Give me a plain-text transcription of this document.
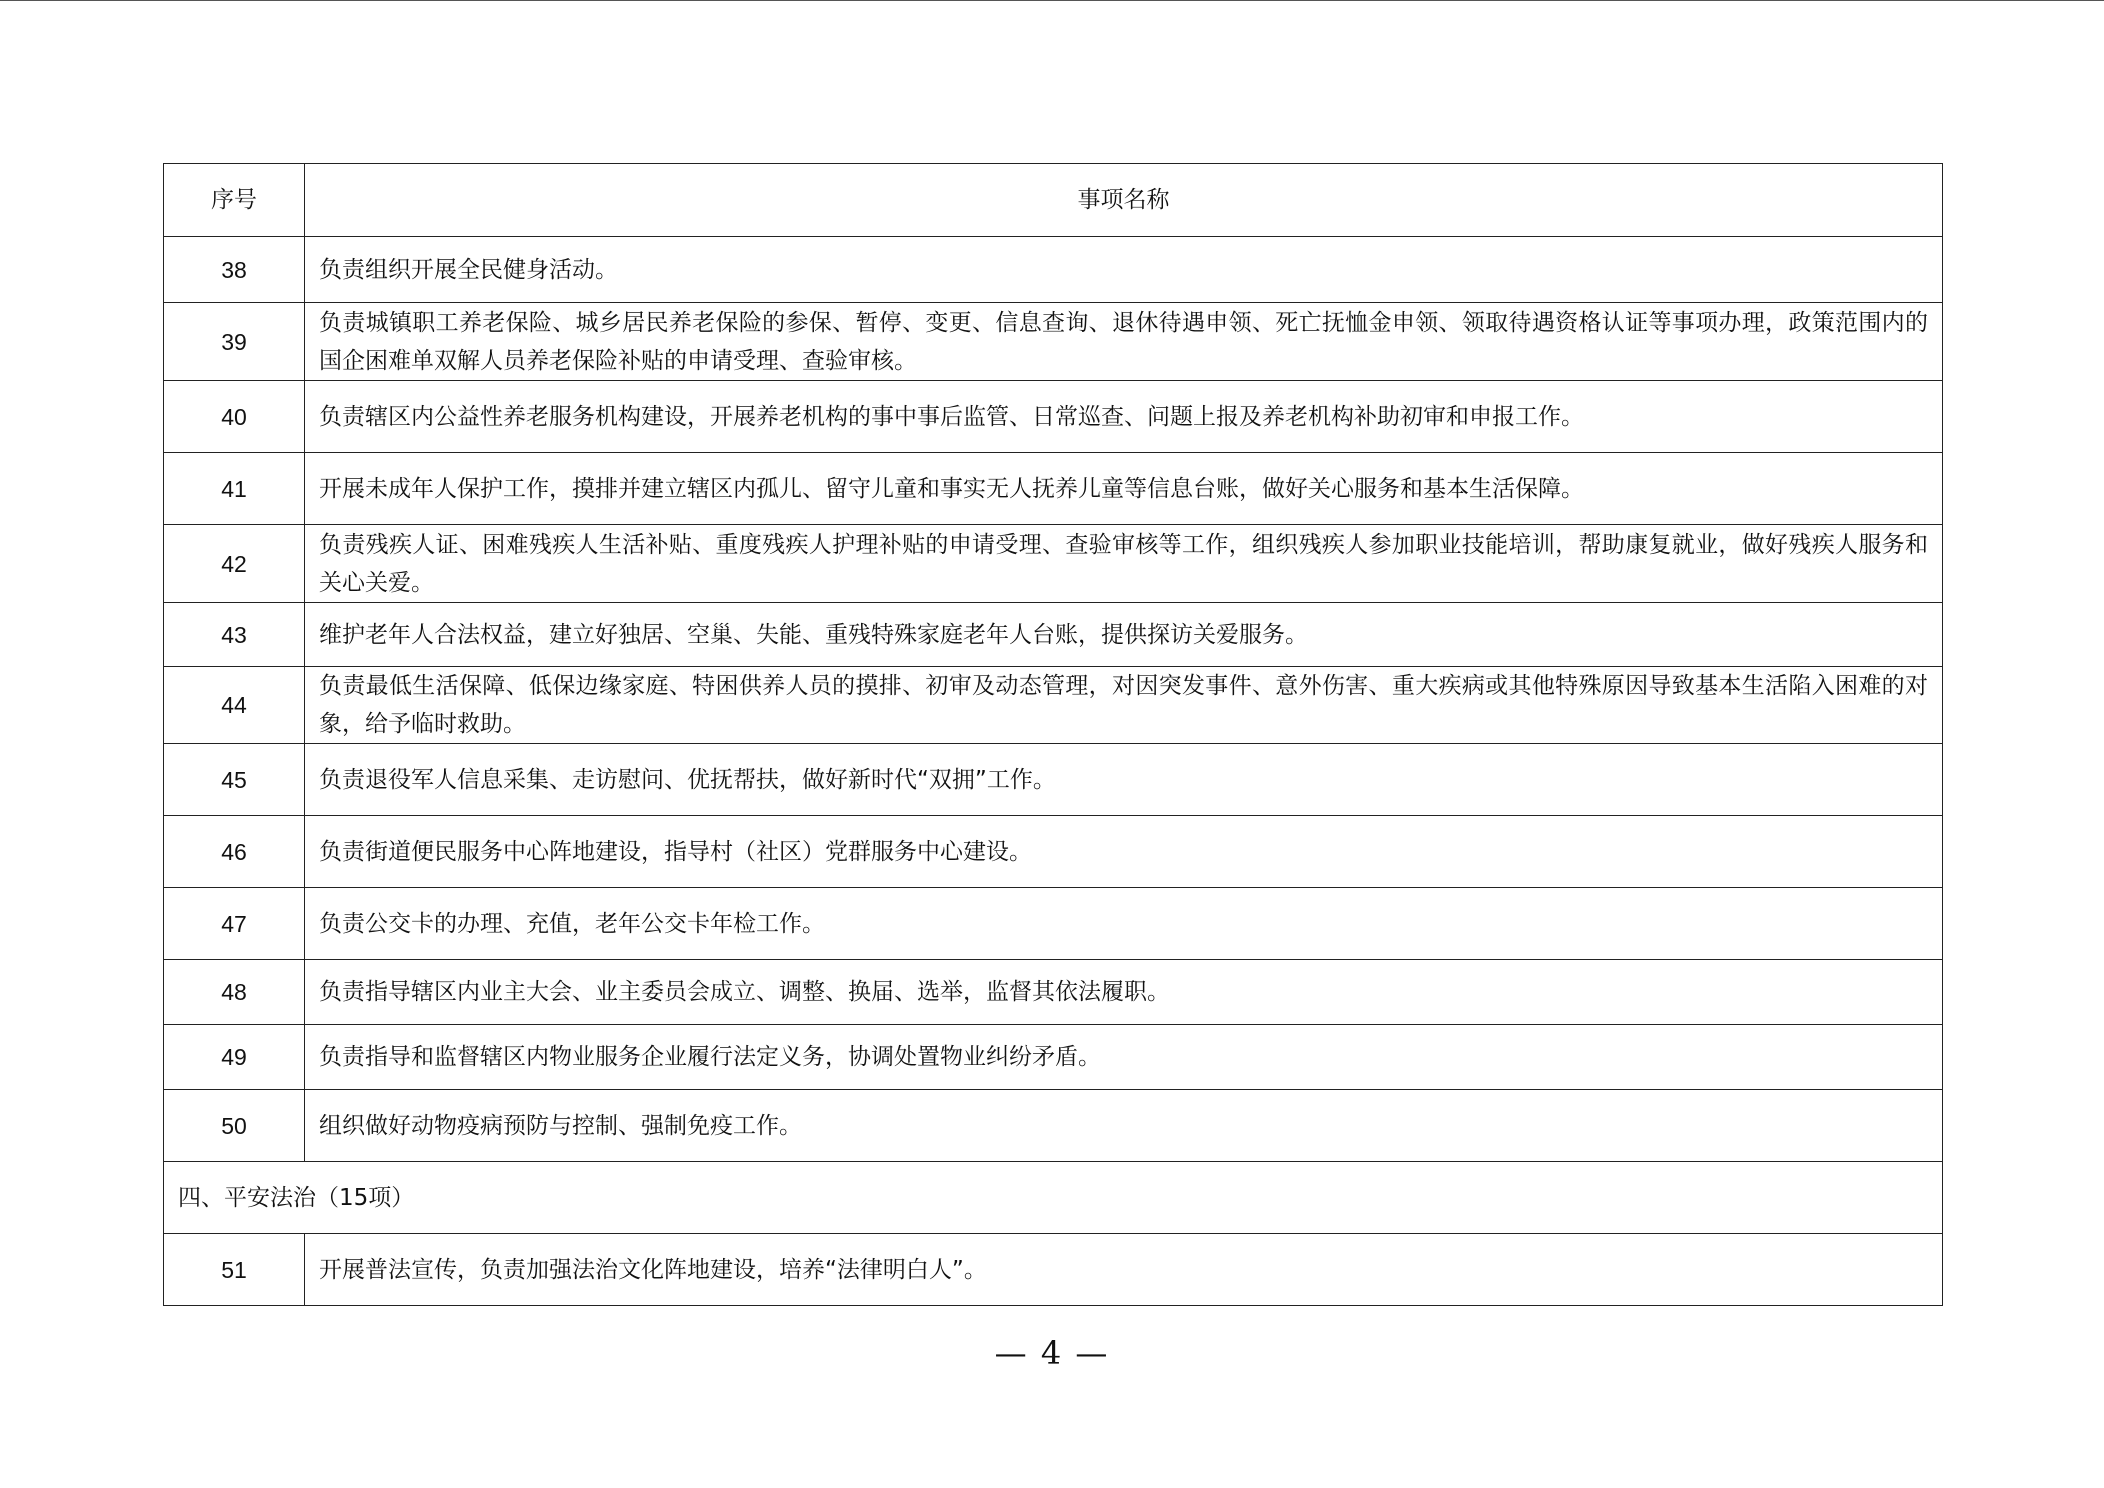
序号	事项名称
38	负责组织开展全民健身活动。
39	负责城镇职工养老保险、城乡居民养老保险的参保、暂停、变更、信息查询、退休待遇申领、死亡抚恤金申领、领取待遇资格认证等事项办理，政策范围内的国企困难单双解人员养老保险补贴的申请受理、查验审核。
40	负责辖区内公益性养老服务机构建设，开展养老机构的事中事后监管、日常巡查、问题上报及养老机构补助初审和申报工作。
41	开展未成年人保护工作，摸排并建立辖区内孤儿、留守儿童和事实无人抚养儿童等信息台账，做好关心服务和基本生活保障。
42	负责残疾人证、困难残疾人生活补贴、重度残疾人护理补贴的申请受理、查验审核等工作，组织残疾人参加职业技能培训，帮助康复就业，做好残疾人服务和关心关爱。
43	维护老年人合法权益，建立好独居、空巢、失能、重残特殊家庭老年人台账，提供探访关爱服务。
44	负责最低生活保障、低保边缘家庭、特困供养人员的摸排、初审及动态管理，对因突发事件、意外伤害、重大疾病或其他特殊原因导致基本生活陷入困难的对象，给予临时救助。
45	负责退役军人信息采集、走访慰问、优抚帮扶，做好新时代“双拥”工作。
46	负责街道便民服务中心阵地建设，指导村（社区）党群服务中心建设。
47	负责公交卡的办理、充值，老年公交卡年检工作。
48	负责指导辖区内业主大会、业主委员会成立、调整、换届、选举，监督其依法履职。
49	负责指导和监督辖区内物业服务企业履行法定义务，协调处置物业纠纷矛盾。
50	组织做好动物疫病预防与控制、强制免疫工作。
四、平安法治（15项）	
51	开展普法宣传，负责加强法治文化阵地建设，培养“法律明白人”。
— 4 —
